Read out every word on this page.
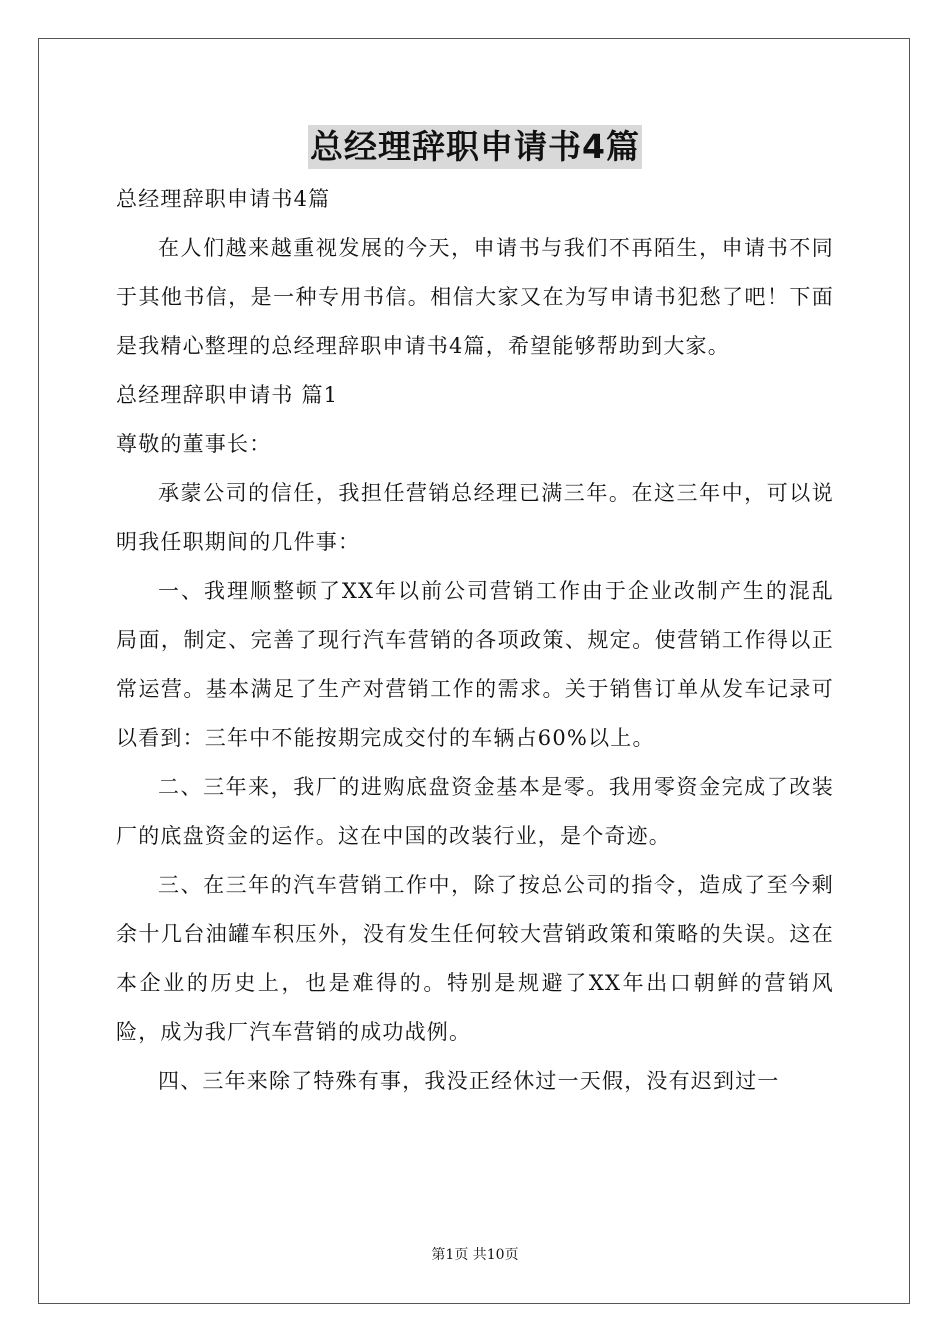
总经理辞职申请书4篇

总经理辞职申请书4篇

在人们越来越重视发展的今天，申请书与我们不再陌生，申请书不同于其他书信，是一种专用书信。相信大家又在为写申请书犯愁了吧！下面是我精心整理的总经理辞职申请书4篇，希望能够帮助到大家。

总经理辞职申请书 篇1

尊敬的董事长：

承蒙公司的信任，我担任营销总经理已满三年。在这三年中，可以说明我任职期间的几件事：

一、我理顺整顿了XX年以前公司营销工作由于企业改制产生的混乱局面，制定、完善了现行汽车营销的各项政策、规定。使营销工作得以正常运营。基本满足了生产对营销工作的需求。关于销售订单从发车记录可以看到：三年中不能按期完成交付的车辆占60%以上。

二、三年来，我厂的进购底盘资金基本是零。我用零资金完成了改装厂的底盘资金的运作。这在中国的改装行业，是个奇迹。

三、在三年的汽车营销工作中，除了按总公司的指令，造成了至今剩余十几台油罐车积压外，没有发生任何较大营销政策和策略的失误。这在本企业的历史上，也是难得的。特别是规避了XX年出口朝鲜的营销风险，成为我厂汽车营销的成功战例。

四、三年来除了特殊有事，我没正经休过一天假，没有迟到过一

第1页 共10页
